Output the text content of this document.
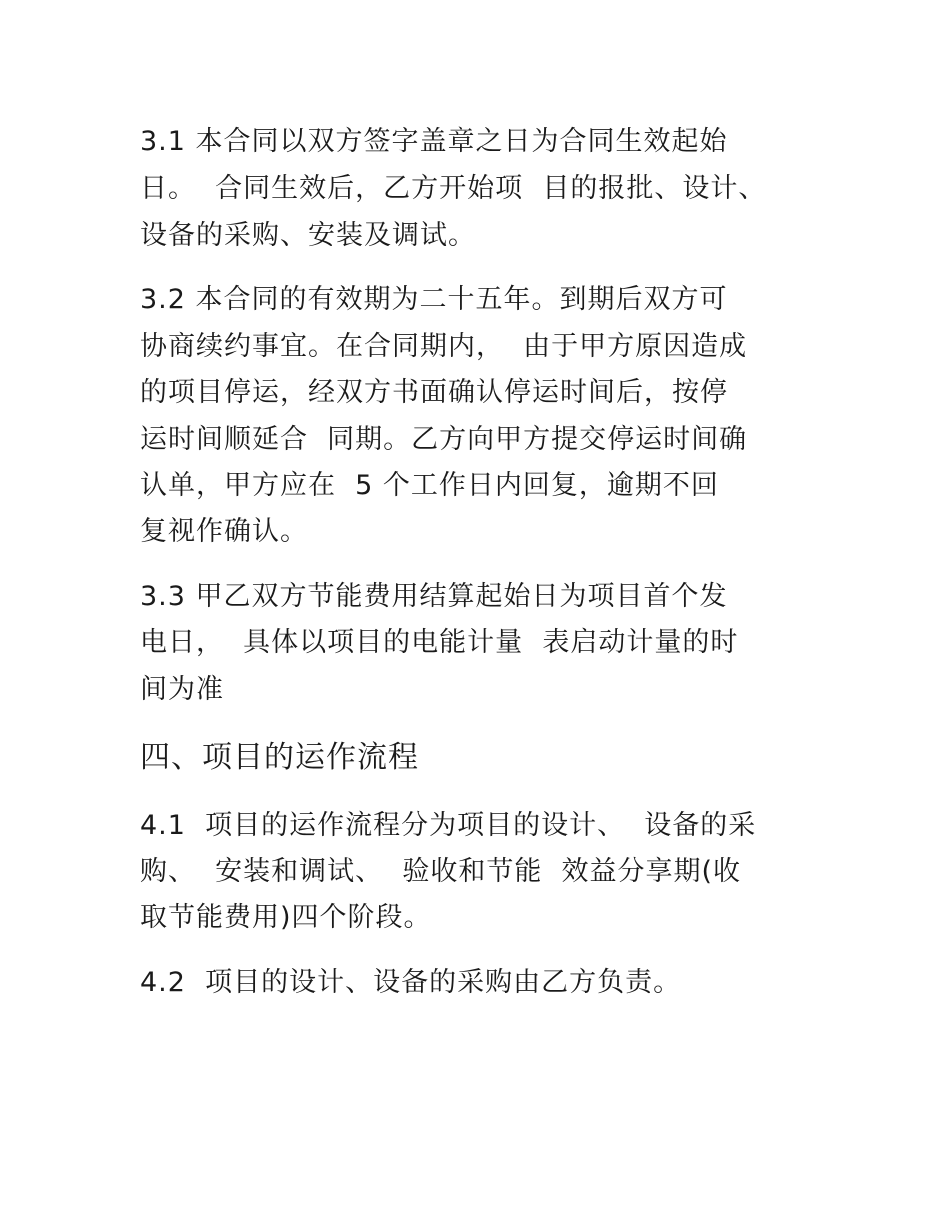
3.1 本合同以双方签字盖章之日为合同生效起始
日。  合同生效后，乙方开始项  目的报批、设计、
设备的采购、安装及调试。
3.2 本合同的有效期为二十五年。到期后双方可
协商续约事宜。在合同期内，  由于甲方原因造成
的项目停运，经双方书面确认停运时间后，按停
运时间顺延合  同期。乙方向甲方提交停运时间确
认单，甲方应在  5 个工作日内回复，逾期不回
复视作确认。
3.3 甲乙双方节能费用结算起始日为项目首个发
电日，  具体以项目的电能计量  表启动计量的时
间为准
四、项目的运作流程
4.1  项目的运作流程分为项目的设计、  设备的采
购、  安装和调试、  验收和节能  效益分享期(收
取节能费用)四个阶段。
4.2  项目的设计、设备的采购由乙方负责。
